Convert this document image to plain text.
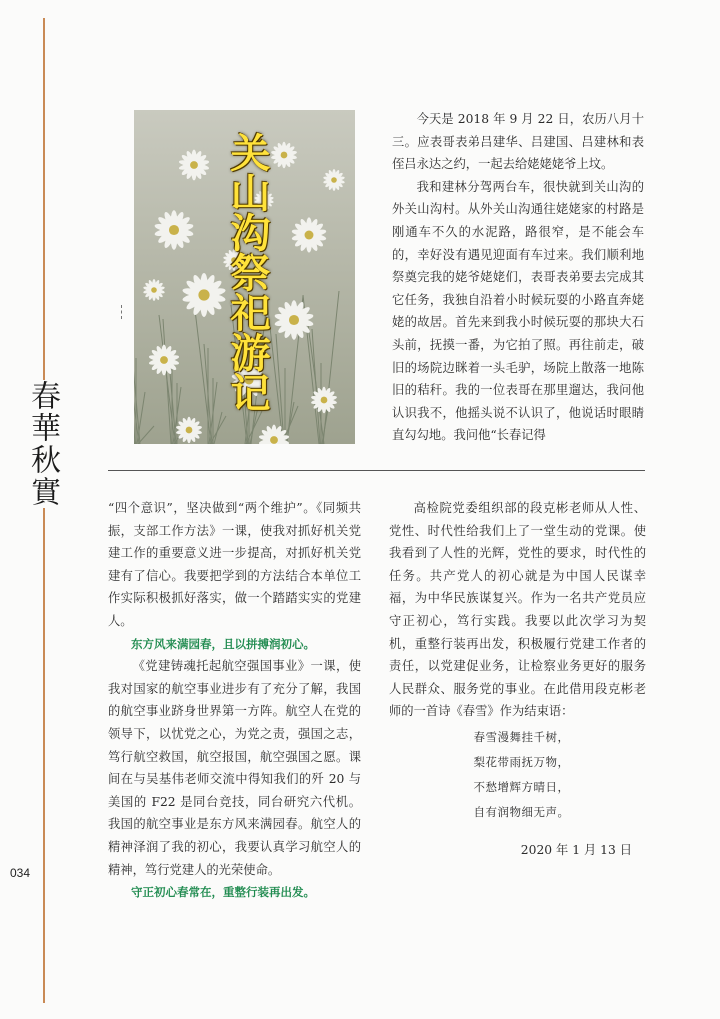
春華秋實
034
关山沟祭祀游记

今天是 2018 年 9 月 22 日，农历八月十三。应表哥表弟吕建华、吕建国、吕建林和表侄吕永达之约，一起去给姥姥姥爷上坟。

我和建林分驾两台车，很快就到关山沟的外关山沟村。从外关山沟通往姥姥家的村路是刚通车不久的水泥路，路很窄，是不能会车的，幸好没有遇见迎面有车过来。我们顺利地祭奠完我的姥爷姥姥们，表哥表弟要去完成其它任务，我独自沿着小时候玩耍的小路直奔姥姥的故居。首先来到我小时候玩耍的那块大石头前，抚摸一番，为它拍了照。再往前走，破旧的场院边眯着一头毛驴，场院上散落一地陈旧的秸秆。我的一位表哥在那里遛达，我问他认识我不，他摇头说不认识了，他说话时眼睛直勾勾地。我问他“长春记得

“四个意识”，坚决做到“两个维护”。《同频共振，支部工作方法》一课，使我对抓好机关党建工作的重要意义进一步提高，对抓好机关党建有了信心。我要把学到的方法结合本单位工作实际积极抓好落实，做一个踏踏实实的党建人。

东方风来满园春，且以拼搏润初心。

《党建铸魂托起航空强国事业》一课，使我对国家的航空事业进步有了充分了解，我国的航空事业跻身世界第一方阵。航空人在党的领导下，以忧党之心，为党之责，强国之志，笃行航空救国，航空报国，航空强国之愿。课间在与吴基伟老师交流中得知我们的歼 20 与美国的 F22 是同台竞技，同台研究六代机。我国的航空事业是东方风来满园春。航空人的精神泽润了我的初心，我要认真学习航空人的精神，笃行党建人的光荣使命。

守正初心春常在，重整行装再出发。

高检院党委组织部的段克彬老师从人性、党性、时代性给我们上了一堂生动的党课。使我看到了人性的光辉，党性的要求，时代性的任务。共产党人的初心就是为中国人民谋幸福，为中华民族谋复兴。作为一名共产党员应守正初心，笃行实践。我要以此次学习为契机，重整行装再出发，积极履行党建工作者的责任，以党建促业务，让检察业务更好的服务人民群众、服务党的事业。在此借用段克彬老师的一首诗《春雪》作为结束语：

春雪漫舞挂千树，
梨花带雨抚万物，
不愁增辉方晴日，
自有润物细无声。
2020 年 1 月 13 日
